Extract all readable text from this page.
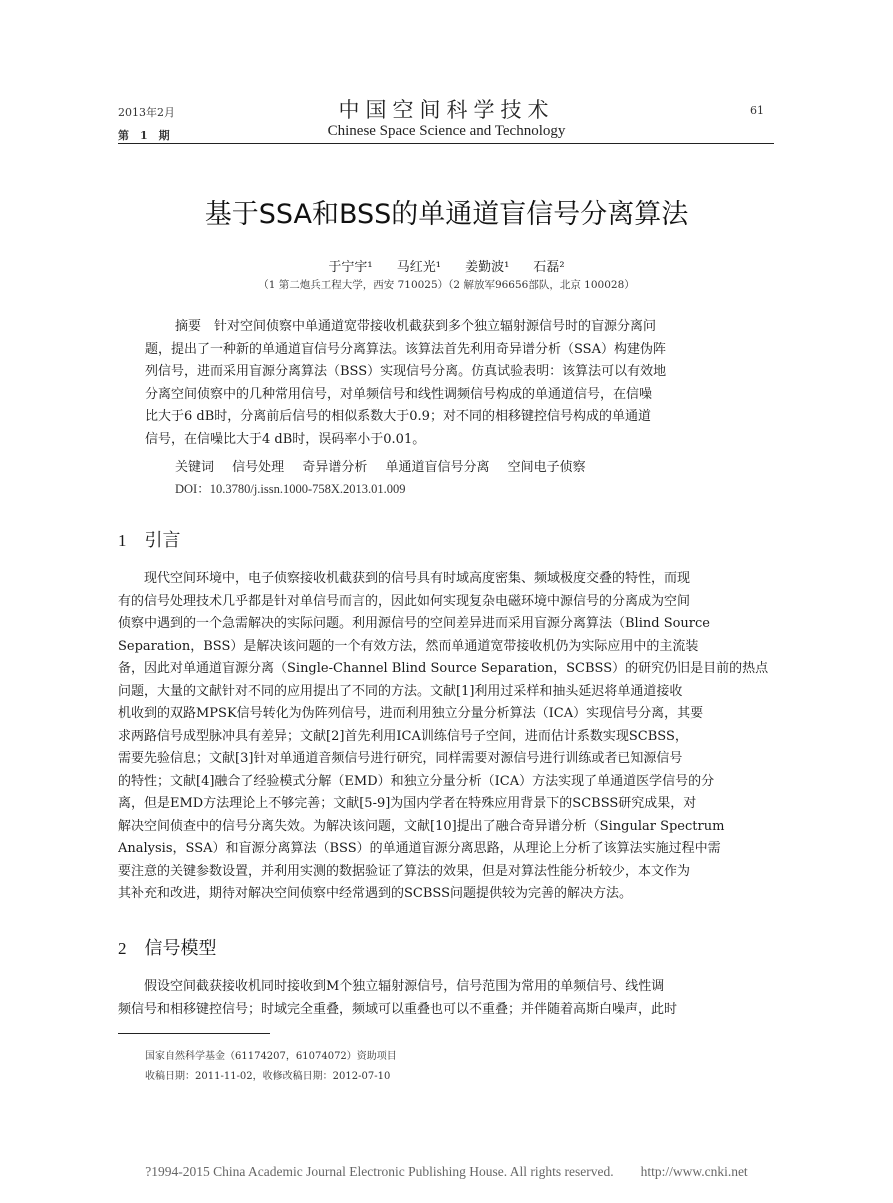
2013年2月
第　1　期
中国空间科学技术
Chinese Space Science and Technology
61
基于SSA和BSS的单通道盲信号分离算法
于宁宇¹ 马红光¹ 姜勤波¹ 石磊²
（1 第二炮兵工程大学，西安 710025）（2 解放军96656部队，北京 100028）
摘要　针对空间侦察中单通道宽带接收机截获到多个独立辐射源信号时的盲源分离问
题，提出了一种新的单通道盲信号分离算法。该算法首先利用奇异谱分析（SSA）构建伪阵
列信号，进而采用盲源分离算法（BSS）实现信号分离。仿真试验表明：该算法可以有效地
分离空间侦察中的几种常用信号，对单频信号和线性调频信号构成的单通道信号，在信噪
比大于6 dB时，分离前后信号的相似系数大于0.9；对不同的相移键控信号构成的单通道
信号，在信噪比大于4 dB时，误码率小于0.01。
关键词 信号处理 奇异谱分析 单通道盲信号分离 空间电子侦察
DOI：10.3780/j.issn.1000-758X.2013.01.009
1 引言
现代空间环境中，电子侦察接收机截获到的信号具有时域高度密集、频域极度交叠的特性，而现
有的信号处理技术几乎都是针对单信号而言的，因此如何实现复杂电磁环境中源信号的分离成为空间
侦察中遇到的一个急需解决的实际问题。利用源信号的空间差异进而采用盲源分离算法（Blind Source
Separation，BSS）是解决该问题的一个有效方法，然而单通道宽带接收机仍为实际应用中的主流装
备，因此对单通道盲源分离（Single-Channel Blind Source Separation，SCBSS）的研究仍旧是目前的热点
问题，大量的文献针对不同的应用提出了不同的方法。文献[1]利用过采样和抽头延迟将单通道接收
机收到的双路MPSK信号转化为伪阵列信号，进而利用独立分量分析算法（ICA）实现信号分离，其要
求两路信号成型脉冲具有差异；文献[2]首先利用ICA训练信号子空间，进而估计系数实现SCBSS，
需要先验信息；文献[3]针对单通道音频信号进行研究，同样需要对源信号进行训练或者已知源信号
的特性；文献[4]融合了经验模式分解（EMD）和独立分量分析（ICA）方法实现了单通道医学信号的分
离，但是EMD方法理论上不够完善；文献[5-9]为国内学者在特殊应用背景下的SCBSS研究成果，对
解决空间侦查中的信号分离失效。为解决该问题，文献[10]提出了融合奇异谱分析（Singular Spectrum
Analysis，SSA）和盲源分离算法（BSS）的单通道盲源分离思路，从理论上分析了该算法实施过程中需
要注意的关键参数设置，并利用实测的数据验证了算法的效果，但是对算法性能分析较少，本文作为
其补充和改进，期待对解决空间侦察中经常遇到的SCBSS问题提供较为完善的解决方法。
2 信号模型
假设空间截获接收机同时接收到M个独立辐射源信号，信号范围为常用的单频信号、线性调
频信号和相移键控信号；时域完全重叠，频域可以重叠也可以不重叠；并伴随着高斯白噪声，此时
国家自然科学基金（61174207，61074072）资助项目
收稿日期：2011-11-02，收修改稿日期：2012-07-10
?1994-2015 China Academic Journal Electronic Publishing House. All rights reserved.　　http://www.cnki.net
